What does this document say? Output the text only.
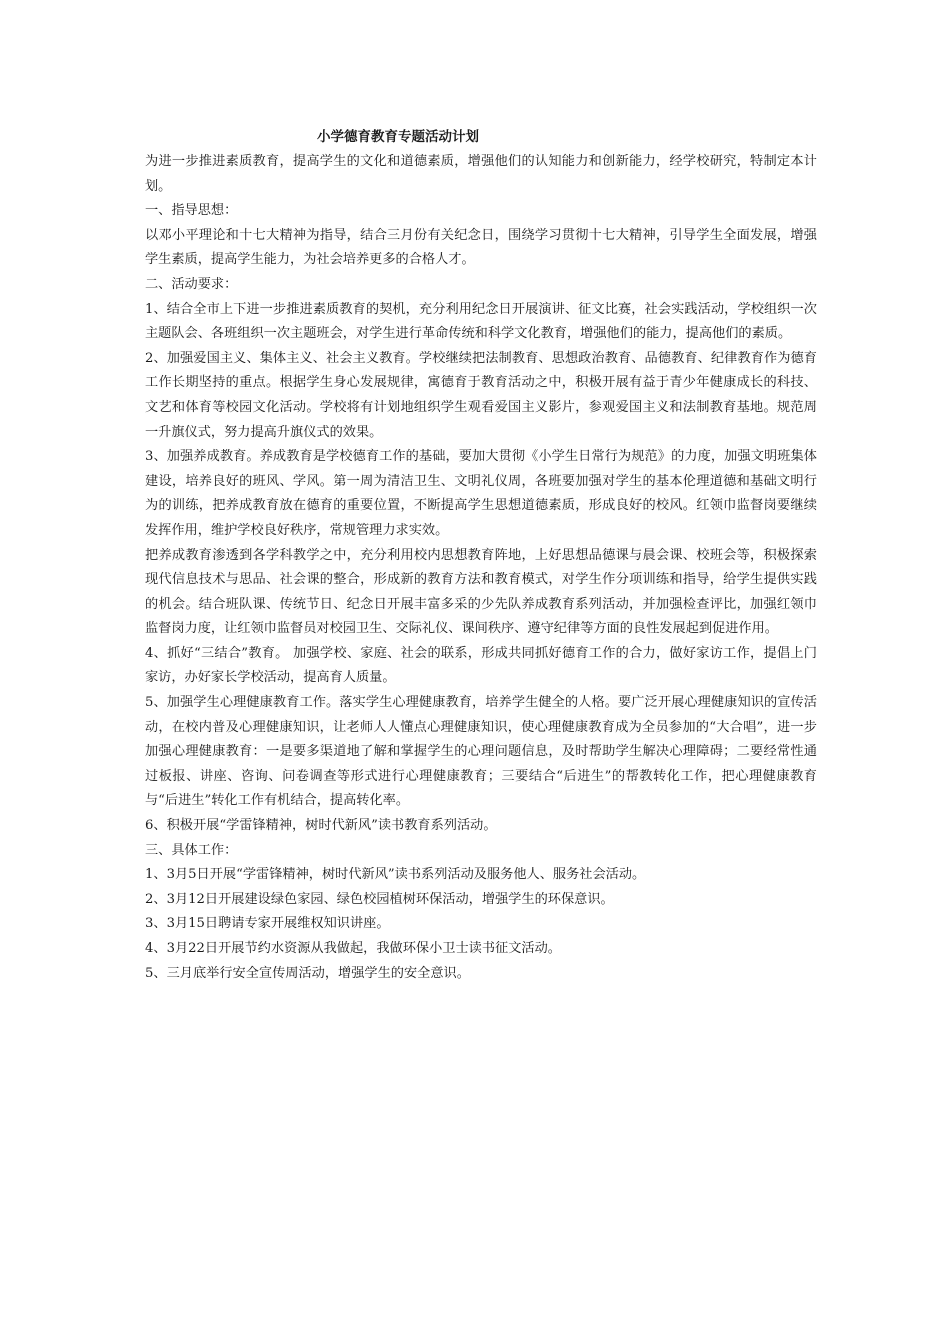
小学德育教育专题活动计划

为进一步推进素质教育，提高学生的文化和道德素质，增强他们的认知能力和创新能力，经学校研究，特制定本计划。

一、指导思想：

以邓小平理论和十七大精神为指导，结合三月份有关纪念日，围绕学习贯彻十七大精神，引导学生全面发展，增强学生素质，提高学生能力，为社会培养更多的合格人才。

二、活动要求：

1、结合全市上下进一步推进素质教育的契机，充分利用纪念日开展演讲、征文比赛，社会实践活动，学校组织一次主题队会、各班组织一次主题班会，对学生进行革命传统和科学文化教育，增强他们的能力，提高他们的素质。

2、加强爱国主义、集体主义、社会主义教育。学校继续把法制教育、思想政治教育、品德教育、纪律教育作为德育工作长期坚持的重点。根据学生身心发展规律，寓德育于教育活动之中，积极开展有益于青少年健康成长的科技、文艺和体育等校园文化活动。学校将有计划地组织学生观看爱国主义影片，参观爱国主义和法制教育基地。规范周一升旗仪式，努力提高升旗仪式的效果。

3、加强养成教育。养成教育是学校德育工作的基础，要加大贯彻《小学生日常行为规范》的力度，加强文明班集体建设，培养良好的班风、学风。第一周为清洁卫生、文明礼仪周，各班要加强对学生的基本伦理道德和基础文明行为的训练，把养成教育放在德育的重要位置，不断提高学生思想道德素质，形成良好的校风。红领巾监督岗要继续发挥作用，维护学校良好秩序，常规管理力求实效。

把养成教育渗透到各学科教学之中，充分利用校内思想教育阵地，上好思想品德课与晨会课、校班会等，积极探索现代信息技术与思品、社会课的整合，形成新的教育方法和教育模式，对学生作分项训练和指导，给学生提供实践的机会。结合班队课、传统节日、纪念日开展丰富多采的少先队养成教育系列活动，并加强检查评比，加强红领巾监督岗力度，让红领巾监督员对校园卫生、交际礼仪、课间秩序、遵守纪律等方面的良性发展起到促进作用。

4、抓好“三结合”教育。 加强学校、家庭、社会的联系，形成共同抓好德育工作的合力，做好家访工作，提倡上门家访，办好家长学校活动，提高育人质量。

5、加强学生心理健康教育工作。落实学生心理健康教育，培养学生健全的人格。要广泛开展心理健康知识的宣传活动，在校内普及心理健康知识，让老师人人懂点心理健康知识，使心理健康教育成为全员参加的“大合唱”，进一步加强心理健康教育：一是要多渠道地了解和掌握学生的心理问题信息，及时帮助学生解决心理障碍；二要经常性通过板报、讲座、咨询、问卷调查等形式进行心理健康教育；三要结合“后进生”的帮教转化工作，把心理健康教育与“后进生”转化工作有机结合，提高转化率。

6、积极开展“学雷锋精神，树时代新风”读书教育系列活动。

三、具体工作：

1、3月5日开展“学雷锋精神，树时代新风”读书系列活动及服务他人、服务社会活动。

2、3月12日开展建设绿色家园、绿色校园植树环保活动，增强学生的环保意识。

3、3月15日聘请专家开展维权知识讲座。

4、3月22日开展节约水资源从我做起，我做环保小卫士读书征文活动。

5、三月底举行安全宣传周活动，增强学生的安全意识。
